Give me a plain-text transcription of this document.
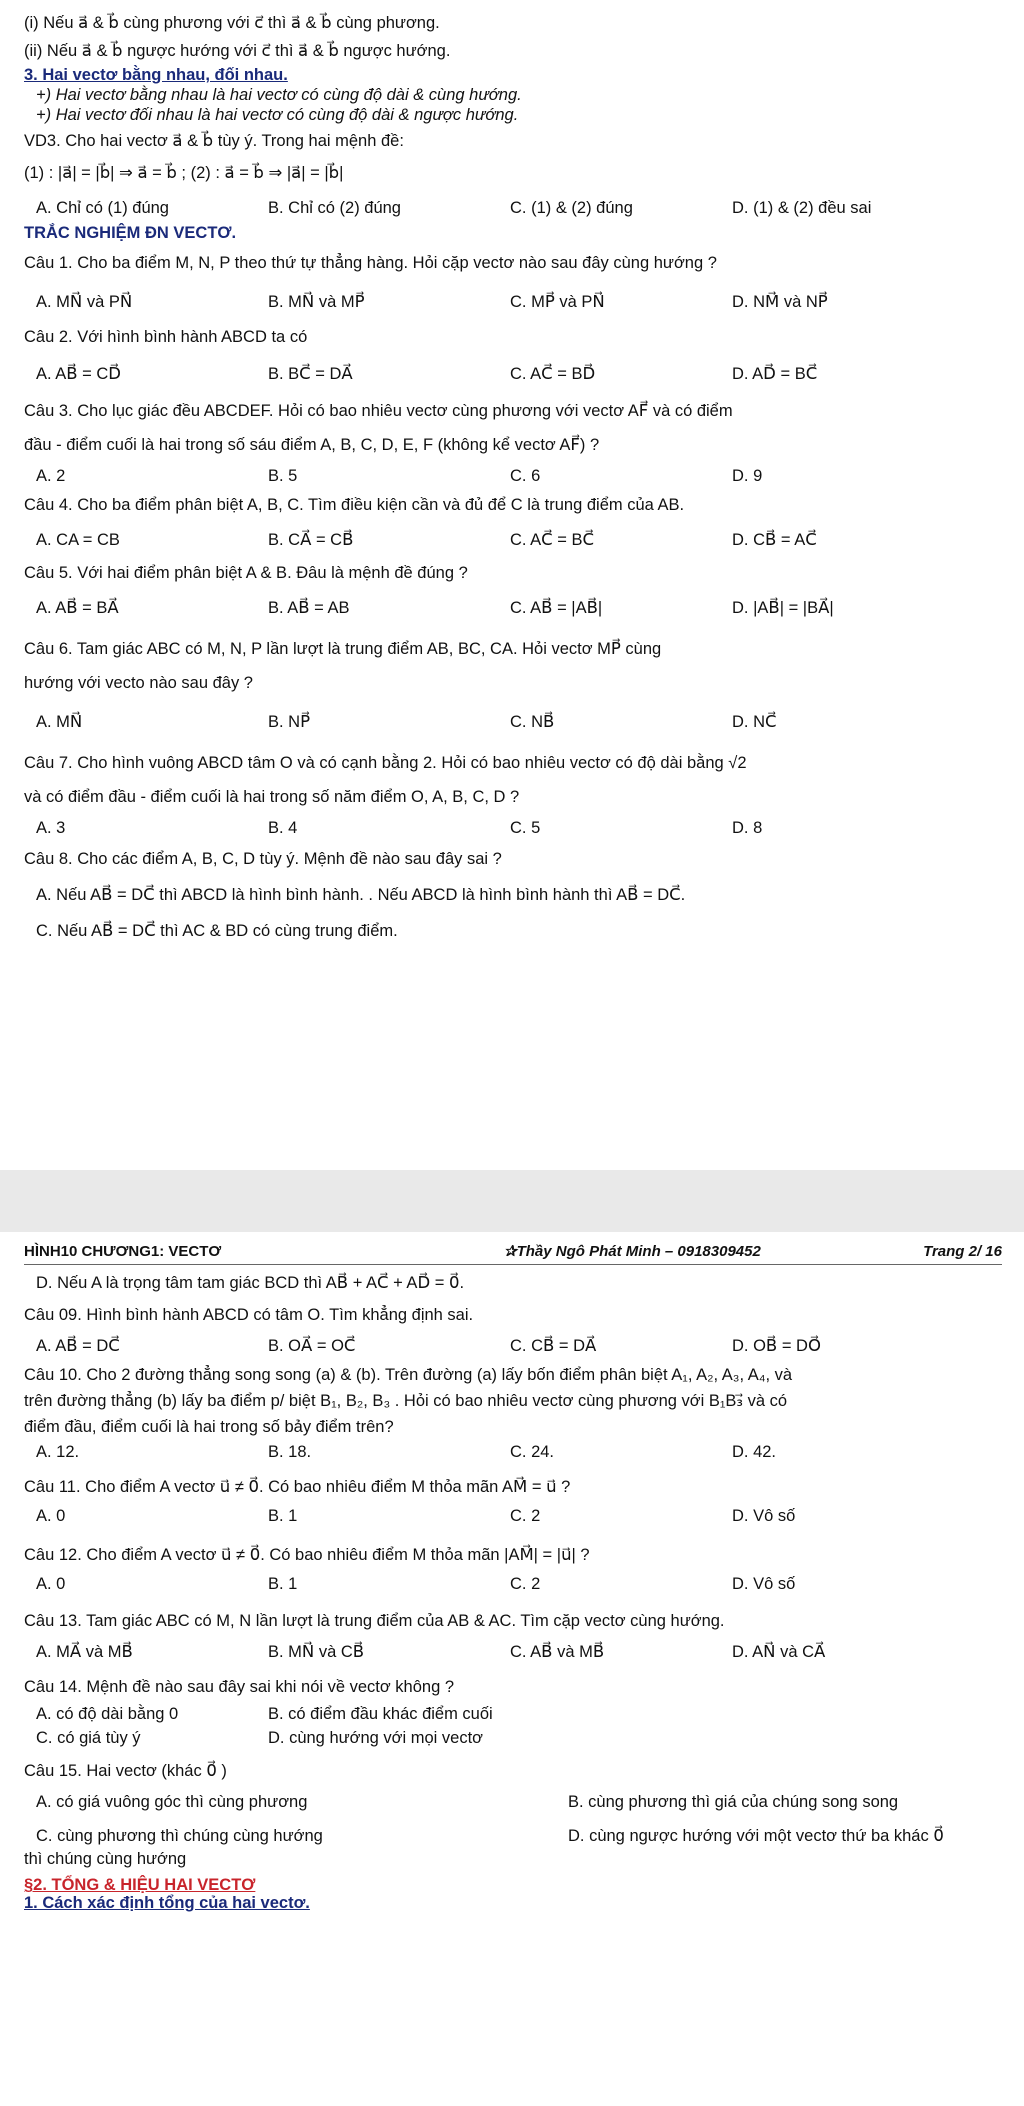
(i) Nếu a⃗ & b⃗ cùng phương với c⃗ thì a⃗ & b⃗ cùng phương.

(ii) Nếu a⃗ & b⃗ ngược hướng với c⃗ thì a⃗ & b⃗ ngược hướng.

3. Hai vectơ bằng nhau, đối nhau.

+) Hai vectơ bằng nhau là hai vectơ có cùng độ dài & cùng hướng.

+) Hai vectơ đối nhau là hai vectơ có cùng độ dài & ngược hướng.

VD3. Cho hai vectơ a⃗ & b⃗ tùy ý. Trong hai mệnh đề:

(1) : |a⃗| = |b⃗| ⇒ a⃗ = b⃗ ; (2) : a⃗ = b⃗ ⇒ |a⃗| = |b⃗|

A. Chỉ có (1) đúng	B. Chỉ có (2) đúng	C. (1) & (2) đúng	D. (1) & (2) đều sai

TRẮC NGHIỆM ĐN VECTƠ.

Câu 1. Cho ba điểm M, N, P theo thứ tự thẳng hàng. Hỏi cặp vectơ nào sau đây cùng hướng ?

A. MN⃗ và PN⃗	B. MN⃗ và MP⃗	C. MP⃗ và PN⃗	D. NM⃗ và NP⃗

Câu 2. Với hình bình hành ABCD ta có

A. AB⃗ = CD⃗	B. BC⃗ = DA⃗	C. AC⃗ = BD⃗	D. AD⃗ = BC⃗

Câu 3. Cho lục giác đều ABCDEF. Hỏi có bao nhiêu vectơ cùng phương với vectơ AF⃗ và có điểm

đầu - điểm cuối là hai trong số sáu điểm A, B, C, D, E, F (không kể vectơ AF⃗) ?

A. 2	B. 5	C. 6	D. 9

Câu 4. Cho ba điểm phân biệt A, B, C. Tìm điều kiện cần và đủ để C là trung điểm của AB.

A. CA = CB	B. CA⃗ = CB⃗	C. AC⃗ = BC⃗	D. CB⃗ = AC⃗

Câu 5. Với hai điểm phân biệt A & B. Đâu là mệnh đề đúng ?

A. AB⃗ = BA⃗	B. AB⃗ = AB	C. AB⃗ = |AB⃗|	D. |AB⃗| = |BA⃗|

Câu 6. Tam giác ABC có M, N, P lần lượt là trung điểm AB, BC, CA. Hỏi vectơ MP⃗ cùng

hướng với vecto nào sau đây ?

A. MN⃗	B. NP⃗	C. NB⃗	D. NC⃗

Câu 7. Cho hình vuông ABCD tâm O và có cạnh bằng 2. Hỏi có bao nhiêu vectơ có độ dài bằng √2

và có điểm đầu - điểm cuối là hai trong số năm điểm O, A, B, C, D ?

A. 3	B. 4	C. 5	D. 8

Câu 8. Cho các điểm A, B, C, D tùy ý. Mệnh đề nào sau đây sai ?

A. Nếu AB⃗ = DC⃗ thì ABCD là hình bình hành. . Nếu ABCD là hình bình hành thì AB⃗ = DC⃗.

C. Nếu AB⃗ = DC⃗ thì AC & BD có cùng trung điểm.

HÌNH10 CHƯƠNG1: VECTƠ	✰Thầy Ngô Phát Minh – 0918309452	Trang 2/ 16

D. Nếu A là trọng tâm tam giác BCD thì AB⃗ + AC⃗ + AD⃗ = 0⃗.

Câu 09. Hình bình hành ABCD có tâm O. Tìm khẳng định sai.

A. AB⃗ = DC⃗	B. OA⃗ = OC⃗	C. CB⃗ = DA⃗	D. OB⃗ = DO⃗

Câu 10. Cho 2 đường thẳng song song (a) & (b). Trên đường (a) lấy bốn điểm phân biệt A₁, A₂, A₃, A₄, và

trên đường thẳng (b) lấy ba điểm p/ biệt B₁, B₂, B₃ . Hỏi có bao nhiêu vectơ cùng phương với B₁B₃⃗ và có

điểm đầu, điểm cuối là hai trong số bảy điểm trên?

A. 12.	B. 18.	C. 24.	D. 42.

Câu 11. Cho điểm A vectơ u⃗ ≠ 0⃗. Có bao nhiêu điểm M thỏa mãn AM⃗ = u⃗ ?

A. 0	B. 1	C. 2	D. Vô số

Câu 12. Cho điểm A vectơ u⃗ ≠ 0⃗. Có bao nhiêu điểm M thỏa mãn |AM⃗| = |u⃗| ?

A. 0	B. 1	C. 2	D. Vô số

Câu 13. Tam giác ABC có M, N lần lượt là trung điểm của AB & AC. Tìm cặp vectơ cùng hướng.

A. MA⃗ và MB⃗	B. MN⃗ và CB⃗	C. AB⃗ và MB⃗	D. AN⃗ và CA⃗

Câu 14. Mệnh đề nào sau đây sai khi nói về vectơ không ?

A. có độ dài bằng 0	B. có điểm đầu khác điểm cuối
C. có giá tùy ý	D. cùng hướng với mọi vectơ

Câu 15. Hai vectơ (khác 0⃗ )

A. có giá vuông góc thì cùng phương	B. cùng phương thì giá của chúng song song
C. cùng phương thì chúng cùng hướng	D. cùng ngược hướng với một vectơ thứ ba khác 0⃗

thì chúng cùng hướng

§2. TỔNG & HIỆU HAI VECTƠ

1. Cách xác định tổng của hai vectơ.
